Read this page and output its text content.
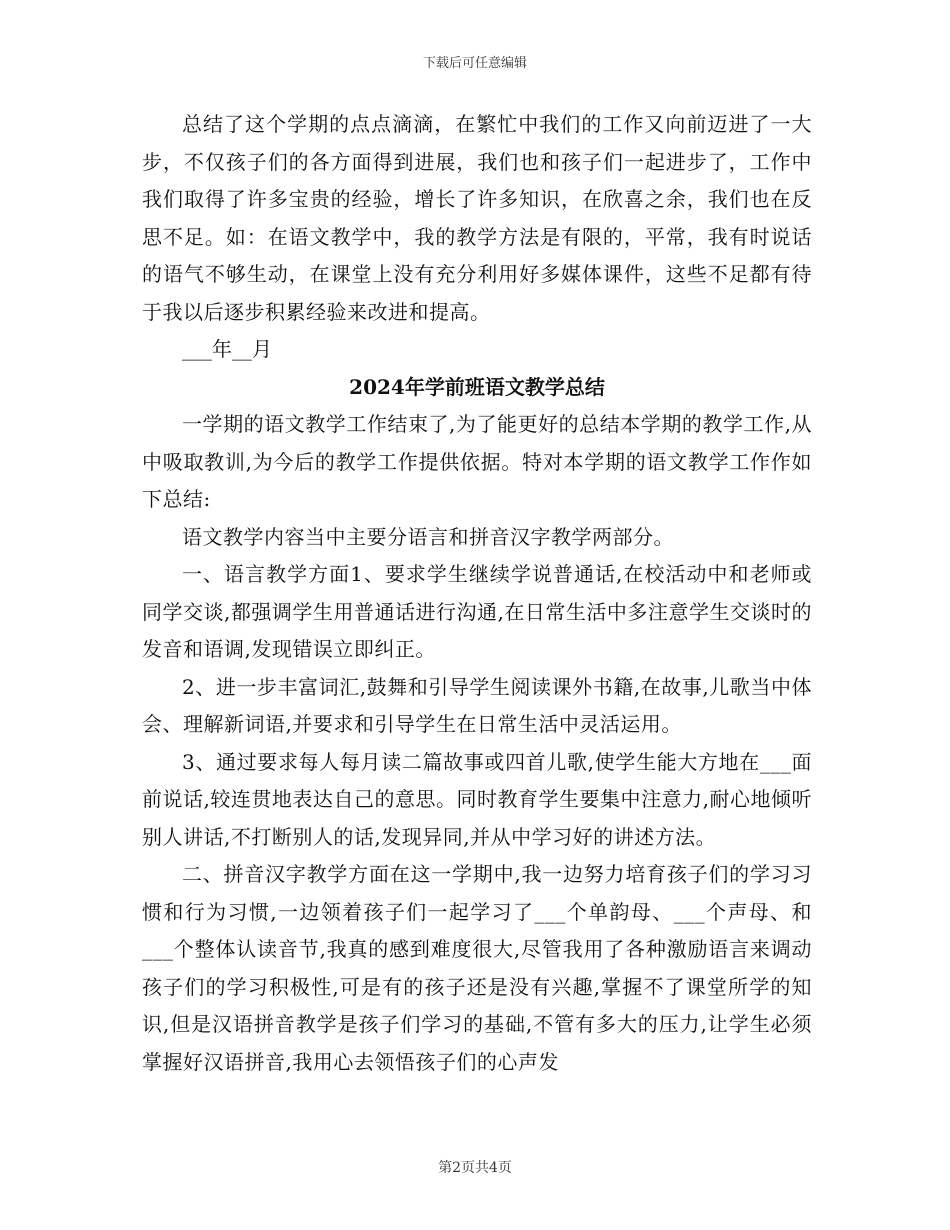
下载后可任意编辑

总结了这个学期的点点滴滴，在繁忙中我们的工作又向前迈进了一大步，不仅孩子们的各方面得到进展，我们也和孩子们一起进步了，工作中我们取得了许多宝贵的经验，增长了许多知识，在欣喜之余，我们也在反思不足。如：在语文教学中，我的教学方法是有限的，平常，我有时说话的语气不够生动，在课堂上没有充分利用好多媒体课件，这些不足都有待于我以后逐步积累经验来改进和提高。

___年__月

2024年学前班语文教学总结

一学期的语文教学工作结束了,为了能更好的总结本学期的教学工作,从中吸取教训,为今后的教学工作提供依据。特对本学期的语文教学工作作如下总结:

语文教学内容当中主要分语言和拼音汉字教学两部分。

一、语言教学方面1、要求学生继续学说普通话,在校活动中和老师或同学交谈,都强调学生用普通话进行沟通,在日常生活中多注意学生交谈时的发音和语调,发现错误立即纠正。

2、进一步丰富词汇,鼓舞和引导学生阅读课外书籍,在故事,儿歌当中体会、理解新词语,并要求和引导学生在日常生活中灵活运用。

3、通过要求每人每月读二篇故事或四首儿歌,使学生能大方地在___面前说话,较连贯地表达自己的意思。同时教育学生要集中注意力,耐心地倾听别人讲话,不打断别人的话,发现异同,并从中学习好的讲述方法。

二、拼音汉字教学方面在这一学期中,我一边努力培育孩子们的学习习惯和行为习惯,一边领着孩子们一起学习了___个单韵母、___个声母、和___个整体认读音节,我真的感到难度很大,尽管我用了各种激励语言来调动孩子们的学习积极性,可是有的孩子还是没有兴趣,掌握不了课堂所学的知识,但是汉语拼音教学是孩子们学习的基础,不管有多大的压力,让学生必须掌握好汉语拼音,我用心去领悟孩子们的心声发

第2页共4页
